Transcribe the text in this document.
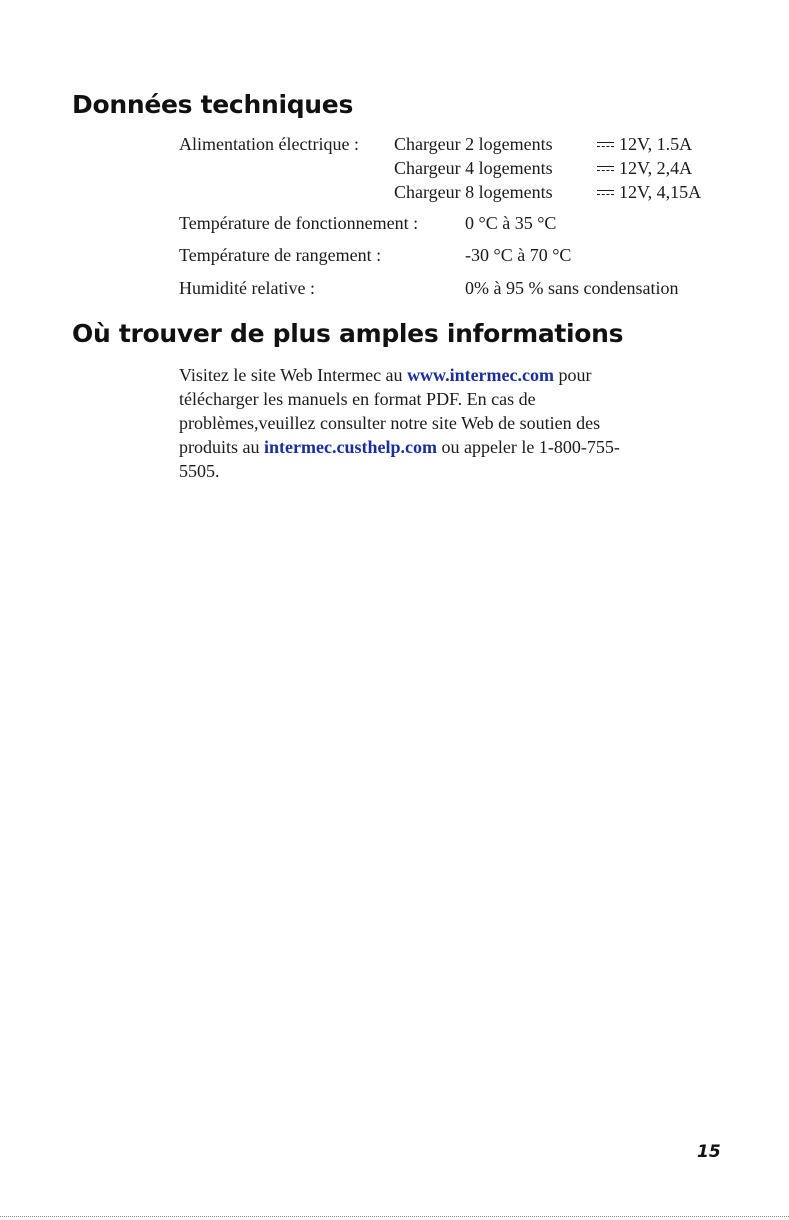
Données techniques
Alimentation électrique : Chargeur 2 logements	12V, 1.5A
Chargeur 4 logements	12V, 2,4A
Chargeur 8 logements	12V, 4,15A
Température de fonctionnement :	0 °C à 35 °C
Température de rangement :	-30 °C à 70 °C
Humidité relative :	0% à 95 % sans condensation
Où trouver de plus amples informations

Visitez le site Web Intermec au www.intermec.com pour
télécharger les manuels en format PDF. En cas de
problèmes,veuillez consulter notre site Web de soutien des
produits au intermec.custhelp.com ou appeler le 1-800-755-
5505.

15
